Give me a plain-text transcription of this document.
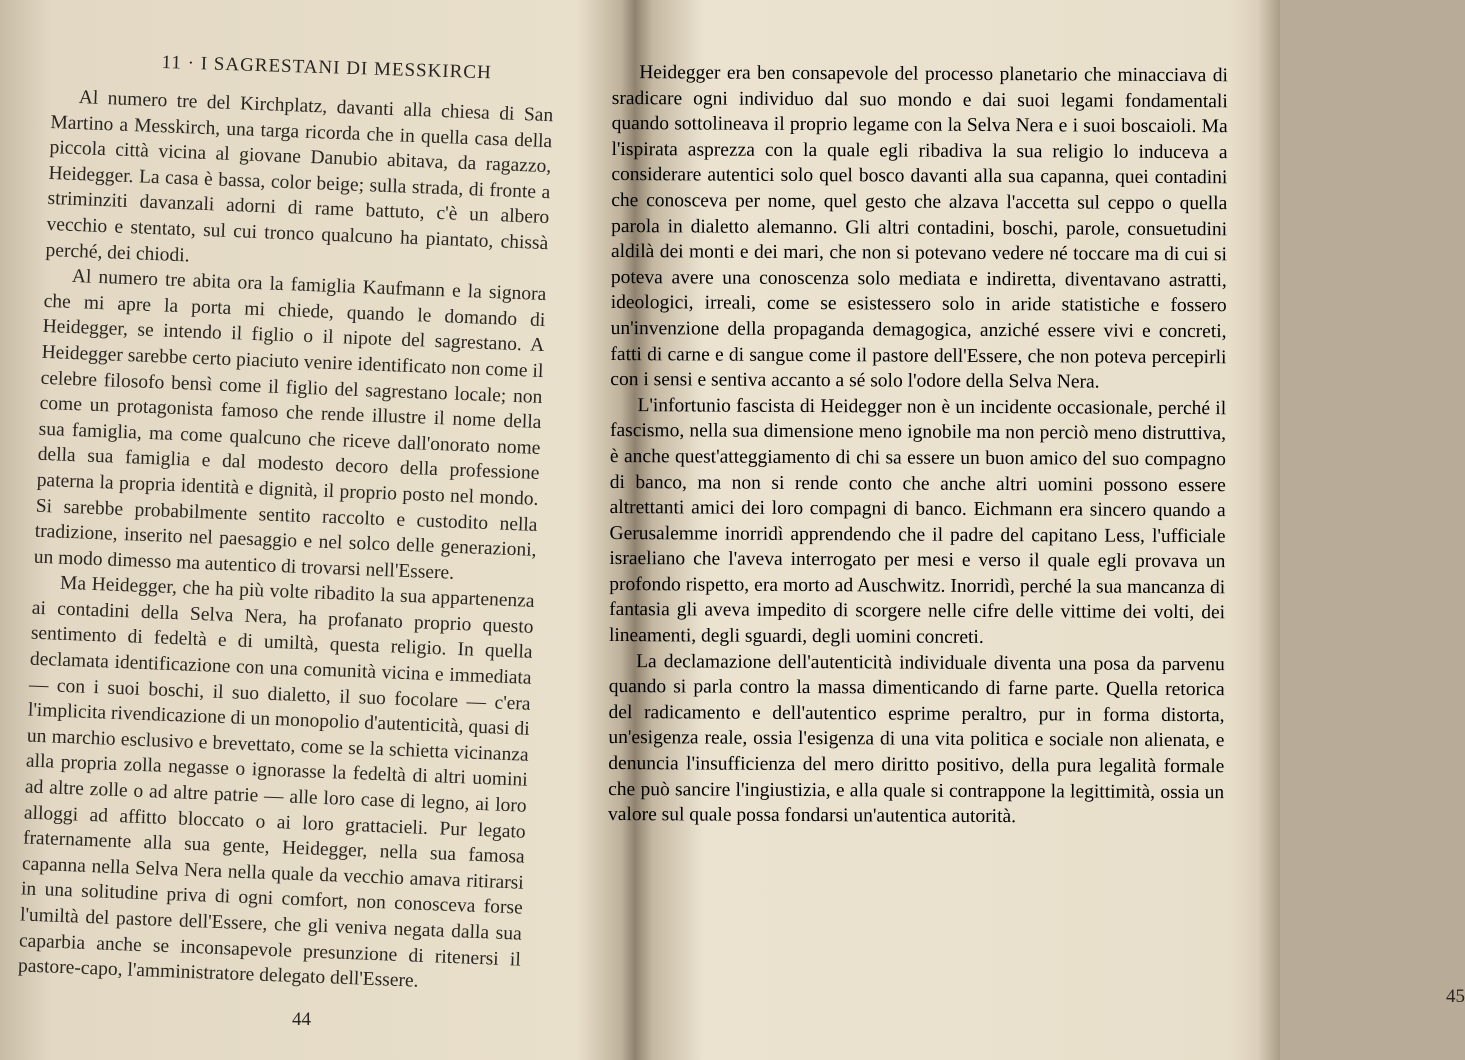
11 · I SAGRESTANI DI MESSKIRCH

Al numero tre del Kirchplatz, davanti alla chiesa di San Martino a Messkirch, una targa ricorda che in quella casa della piccola città vicina al giovane Danubio abitava, da ragazzo, Heidegger. La casa è bassa, color beige; sulla strada, di fronte a striminziti davanzali adorni di rame battuto, c'è un albero vecchio e stentato, sul cui tronco qualcuno ha piantato, chissà perché, dei chiodi.

Al numero tre abita ora la famiglia Kaufmann e la signora che mi apre la porta mi chiede, quando le domando di Heidegger, se intendo il figlio o il nipote del sagrestano. A Heidegger sarebbe certo piaciuto venire identificato non come il celebre filosofo bensì come il figlio del sagrestano locale; non come un protagonista famoso che rende illustre il nome della sua famiglia, ma come qualcuno che riceve dall'onorato nome della sua famiglia e dal modesto decoro della professione paterna la propria identità e dignità, il proprio posto nel mondo. Si sarebbe probabilmente sentito raccolto e custodito nella tradizione, inserito nel paesaggio e nel solco delle generazioni, un modo dimesso ma autentico di trovarsi nell'Essere.

Ma Heidegger, che ha più volte ribadito la sua appartenenza ai contadini della Selva Nera, ha profanato proprio questo sentimento di fedeltà e di umiltà, questa religio. In quella declamata identificazione con una comunità vicina e immediata — con i suoi boschi, il suo dialetto, il suo focolare — c'era l'implicita rivendicazione di un monopolio d'autenticità, quasi di un marchio esclusivo e brevettato, come se la schietta vicinanza alla propria zolla negasse o ignorasse la fedeltà di altri uomini ad altre zolle o ad altre patrie — alle loro case di legno, ai loro alloggi ad affitto bloccato o ai loro grattacieli. Pur legato fraternamente alla sua gente, Heidegger, nella sua famosa capanna nella Selva Nera nella quale da vecchio amava ritirarsi in una solitudine priva di ogni comfort, non conosceva forse l'umiltà del pastore dell'Essere, che gli veniva negata dalla sua caparbia anche se inconsapevole presunzione di ritenersi il pastore-capo, l'amministratore delegato dell'Essere.

44
45

Heidegger era ben consapevole del processo planetario che minacciava di sradicare ogni individuo dal suo mondo e dai suoi legami fondamentali quando sottolineava il proprio legame con la Selva Nera e i suoi boscaioli. Ma l'ispirata asprezza con la quale egli ribadiva la sua religio lo induceva a considerare autentici solo quel bosco davanti alla sua capanna, quei contadini che conosceva per nome, quel gesto che alzava l'accetta sul ceppo o quella parola in dialetto alemanno. Gli altri contadini, boschi, parole, consuetudini aldilà dei monti e dei mari, che non si potevano vedere né toccare ma di cui si poteva avere una conoscenza solo mediata e indiretta, diventavano astratti, ideologici, irreali, come se esistessero solo in aride statistiche e fossero un'invenzione della propaganda demagogica, anziché essere vivi e concreti, fatti di carne e di sangue come il pastore dell'Essere, che non poteva percepirli con i sensi e sentiva accanto a sé solo l'odore della Selva Nera.

L'infortunio fascista di Heidegger non è un incidente occasionale, perché il fascismo, nella sua dimensione meno ignobile ma non perciò meno distruttiva, è anche quest'atteggiamento di chi sa essere un buon amico del suo compagno di banco, ma non si rende conto che anche altri uomini possono essere altrettanti amici dei loro compagni di banco. Eichmann era sincero quando a Gerusalemme inorridì apprendendo che il padre del capitano Less, l'ufficiale israeliano che l'aveva interrogato per mesi e verso il quale egli provava un profondo rispetto, era morto ad Auschwitz. Inorridì, perché la sua mancanza di fantasia gli aveva impedito di scorgere nelle cifre delle vittime dei volti, dei lineamenti, degli sguardi, degli uomini concreti.

La declamazione dell'autenticità individuale diventa una posa da parvenu quando si parla contro la massa dimenticando di farne parte. Quella retorica del radicamento e dell'autentico esprime peraltro, pur in forma distorta, un'esigenza reale, ossia l'esigenza di una vita politica e sociale non alienata, e denuncia l'insufficienza del mero diritto positivo, della pura legalità formale che può sancire l'ingiustizia, e alla quale si contrappone la legittimità, ossia un valore sul quale possa fondarsi un'autentica autorità.
